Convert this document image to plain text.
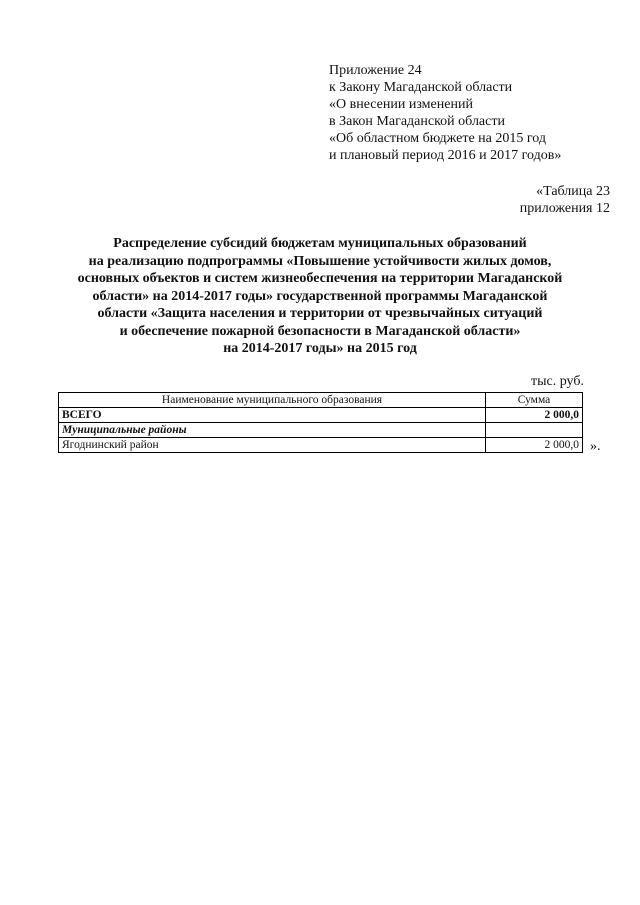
Приложение 24
к Закону Магаданской области
«О внесении изменений
в Закон Магаданской области
«Об областном бюджете на 2015 год
и плановый период 2016 и 2017 годов»
«Таблица 23
приложения 12
Распределение субсидий бюджетам муниципальных образований
на реализацию подпрограммы «Повышение устойчивости жилых домов,
основных объектов и систем жизнеобеспечения на территории Магаданской
области» на 2014-2017 годы» государственной программы Магаданской
области «Защита населения и территории от чрезвычайных ситуаций
и обеспечение пожарной безопасности в Магаданской области»
на 2014-2017 годы» на 2015 год
тыс. руб.
Наименование муниципального образования	Сумма
ВСЕГО	2 000,0
Муниципальные районы	
Ягоднинский район	2 000,0 ».
